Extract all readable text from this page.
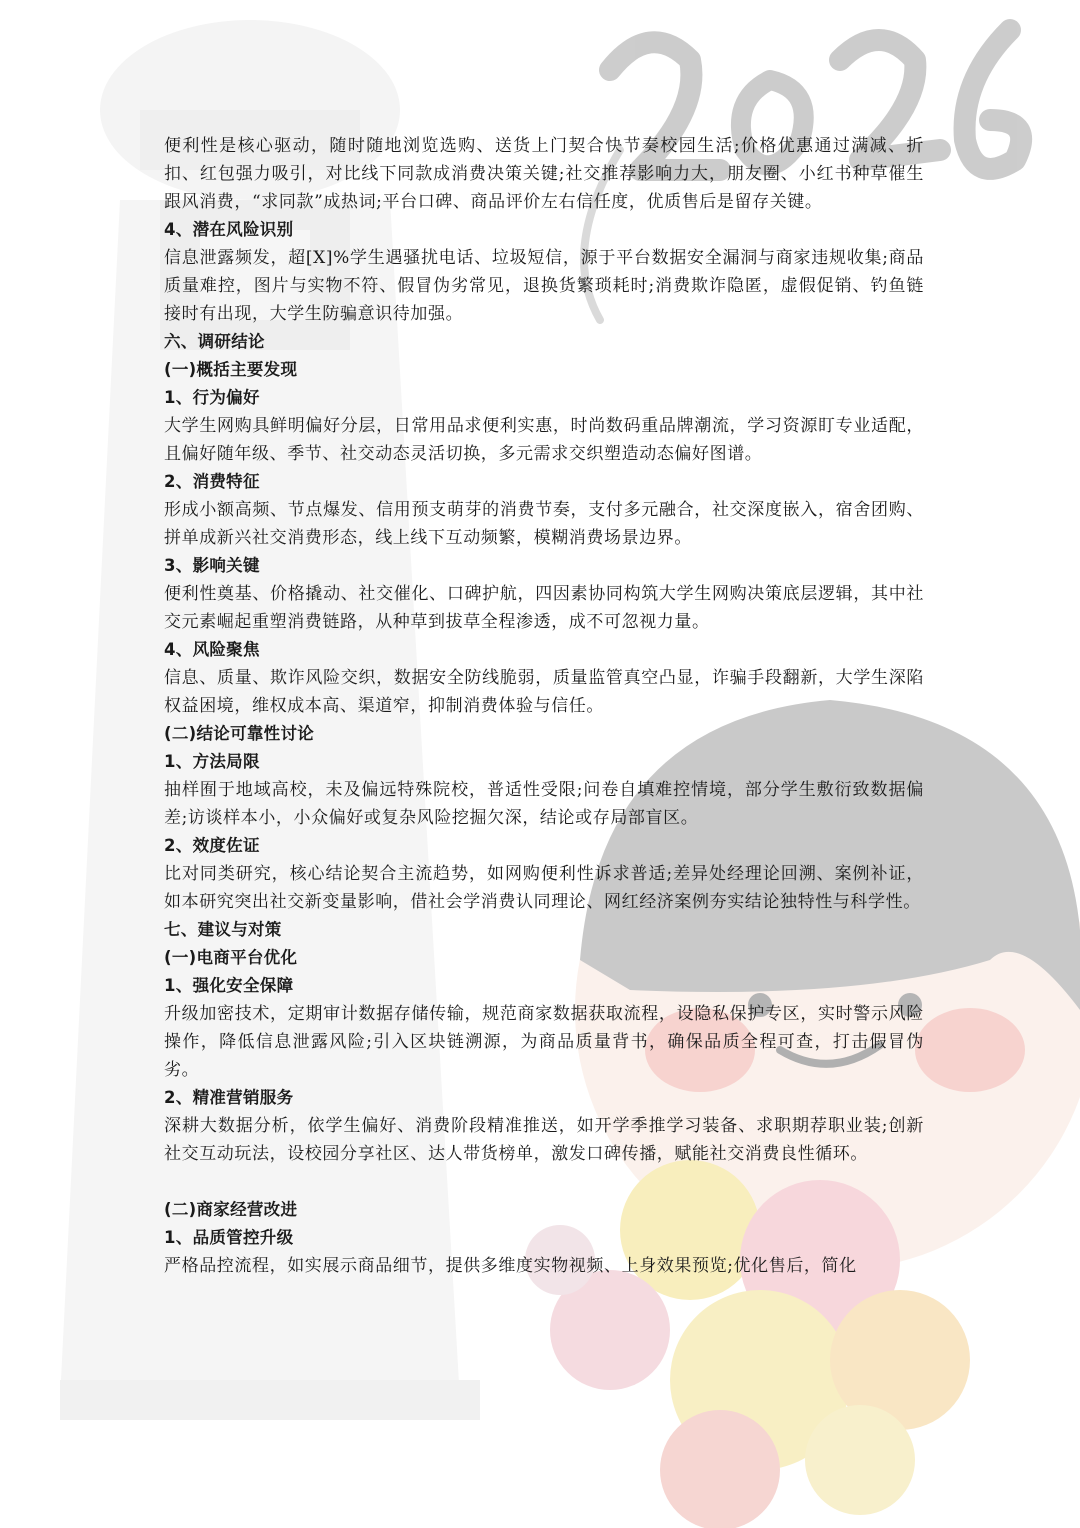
便利性是核心驱动，随时随地浏览选购、送货上门契合快节奏校园生活;价格优惠通过满减、折扣、红包强力吸引，对比线下同款成消费决策关键;社交推荐影响力大，朋友圈、小红书种草催生跟风消费，“求同款”成热词;平台口碑、商品评价左右信任度，优质售后是留存关键。

4、潜在风险识别

信息泄露频发，超[X]%学生遇骚扰电话、垃圾短信，源于平台数据安全漏洞与商家违规收集;商品质量难控，图片与实物不符、假冒伪劣常见，退换货繁琐耗时;消费欺诈隐匿，虚假促销、钓鱼链接时有出现，大学生防骗意识待加强。

六、调研结论

(一)概括主要发现

1、行为偏好

大学生网购具鲜明偏好分层，日常用品求便利实惠，时尚数码重品牌潮流，学习资源盯专业适配，且偏好随年级、季节、社交动态灵活切换，多元需求交织塑造动态偏好图谱。

2、消费特征

形成小额高频、节点爆发、信用预支萌芽的消费节奏，支付多元融合，社交深度嵌入，宿舍团购、拼单成新兴社交消费形态，线上线下互动频繁，模糊消费场景边界。

3、影响关键

便利性奠基、价格撬动、社交催化、口碑护航，四因素协同构筑大学生网购决策底层逻辑，其中社交元素崛起重塑消费链路，从种草到拔草全程渗透，成不可忽视力量。

4、风险聚焦

信息、质量、欺诈风险交织，数据安全防线脆弱，质量监管真空凸显，诈骗手段翻新，大学生深陷权益困境，维权成本高、渠道窄，抑制消费体验与信任。

(二)结论可靠性讨论

1、方法局限

抽样囿于地域高校，未及偏远特殊院校，普适性受限;问卷自填难控情境，部分学生敷衍致数据偏差;访谈样本小，小众偏好或复杂风险挖掘欠深，结论或存局部盲区。

2、效度佐证

比对同类研究，核心结论契合主流趋势，如网购便利性诉求普适;差异处经理论回溯、案例补证，如本研究突出社交新变量影响，借社会学消费认同理论、网红经济案例夯实结论独特性与科学性。

七、建议与对策

(一)电商平台优化

1、强化安全保障

升级加密技术，定期审计数据存储传输，规范商家数据获取流程，设隐私保护专区，实时警示风险操作，降低信息泄露风险;引入区块链溯源，为商品质量背书，确保品质全程可查，打击假冒伪劣。

2、精准营销服务

深耕大数据分析，依学生偏好、消费阶段精准推送，如开学季推学习装备、求职期荐职业装;创新社交互动玩法，设校园分享社区、达人带货榜单，激发口碑传播，赋能社交消费良性循环。

(二)商家经营改进

1、品质管控升级

严格品控流程，如实展示商品细节，提供多维度实物视频、上身效果预览;优化售后，简化
